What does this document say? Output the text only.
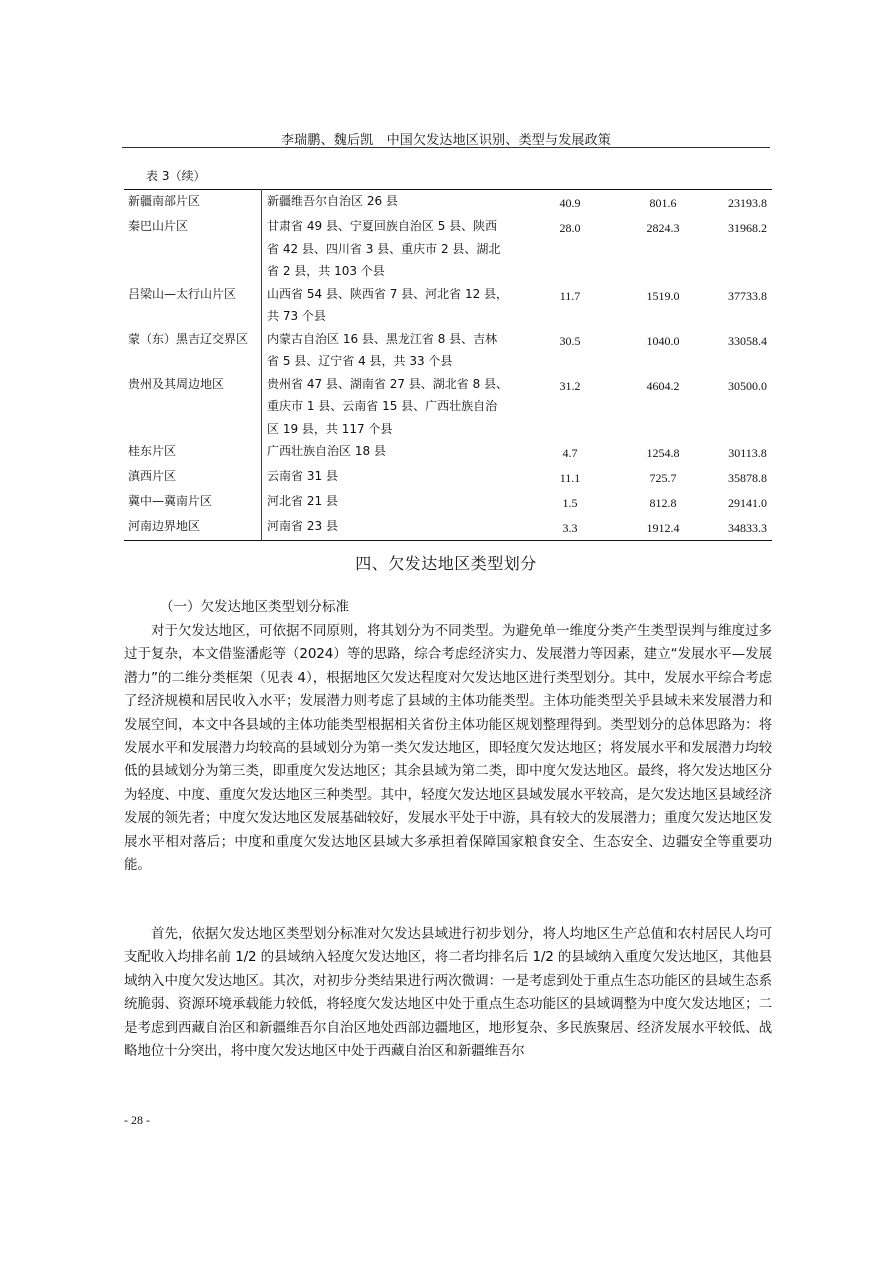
李瑞鹏、魏后凯　中国欠发达地区识别、类型与发展政策
表 3（续）
新疆南部片区	新疆维吾尔自治区 26 县	40.9	801.6	23193.8
秦巴山片区	甘肃省 49 县、宁夏回族自治区 5 县、陕西省 42 县、四川省 3 县、重庆市 2 县、湖北省 2 县，共 103 个县	28.0	2824.3	31968.2
吕梁山—太行山片区	山西省 54 县、陕西省 7 县、河北省 12 县，共 73 个县	11.7	1519.0	37733.8
蒙（东）黑吉辽交界区	内蒙古自治区 16 县、黑龙江省 8 县、吉林省 5 县、辽宁省 4 县，共 33 个县	30.5	1040.0	33058.4
贵州及其周边地区	贵州省 47 县、湖南省 27 县、湖北省 8 县、重庆市 1 县、云南省 15 县、广西壮族自治区 19 县，共 117 个县	31.2	4604.2	30500.0
桂东片区	广西壮族自治区 18 县	4.7	1254.8	30113.8
滇西片区	云南省 31 县	11.1	725.7	35878.8
冀中—冀南片区	河北省 21 县	1.5	812.8	29141.0
河南边界地区	河南省 23 县	3.3	1912.4	34833.3
四、欠发达地区类型划分
（一）欠发达地区类型划分标准

对于欠发达地区，可依据不同原则，将其划分为不同类型。为避免单一维度分类产生类型误判与维度过多过于复杂，本文借鉴潘彪等（2024）等的思路，综合考虑经济实力、发展潜力等因素，建立“发展水平—发展潜力”的二维分类框架（见表 4），根据地区欠发达程度对欠发达地区进行类型划分。其中，发展水平综合考虑了经济规模和居民收入水平；发展潜力则考虑了县域的主体功能类型。主体功能类型关乎县域未来发展潜力和发展空间，本文中各县域的主体功能类型根据相关省份主体功能区规划整理得到。类型划分的总体思路为：将发展水平和发展潜力均较高的县域划分为第一类欠发达地区，即轻度欠发达地区；将发展水平和发展潜力均较低的县域划分为第三类，即重度欠发达地区；其余县域为第二类，即中度欠发达地区。最终，将欠发达地区分为轻度、中度、重度欠发达地区三种类型。其中，轻度欠发达地区县域发展水平较高，是欠发达地区县域经济发展的领先者；中度欠发达地区发展基础较好，发展水平处于中游，具有较大的发展潜力；重度欠发达地区发展水平相对落后；中度和重度欠发达地区县域大多承担着保障国家粮食安全、生态安全、边疆安全等重要功能。

首先，依据欠发达地区类型划分标准对欠发达县域进行初步划分，将人均地区生产总值和农村居民人均可支配收入均排名前 1/2 的县域纳入轻度欠发达地区，将二者均排名后 1/2 的县域纳入重度欠发达地区，其他县域纳入中度欠发达地区。其次，对初步分类结果进行两次微调：一是考虑到处于重点生态功能区的县域生态系统脆弱、资源环境承载能力较低，将轻度欠发达地区中处于重点生态功能区的县域调整为中度欠发达地区；二是考虑到西藏自治区和新疆维吾尔自治区地处西部边疆地区，地形复杂、多民族聚居、经济发展水平较低、战略地位十分突出，将中度欠发达地区中处于西藏自治区和新疆维吾尔

- 28 -
